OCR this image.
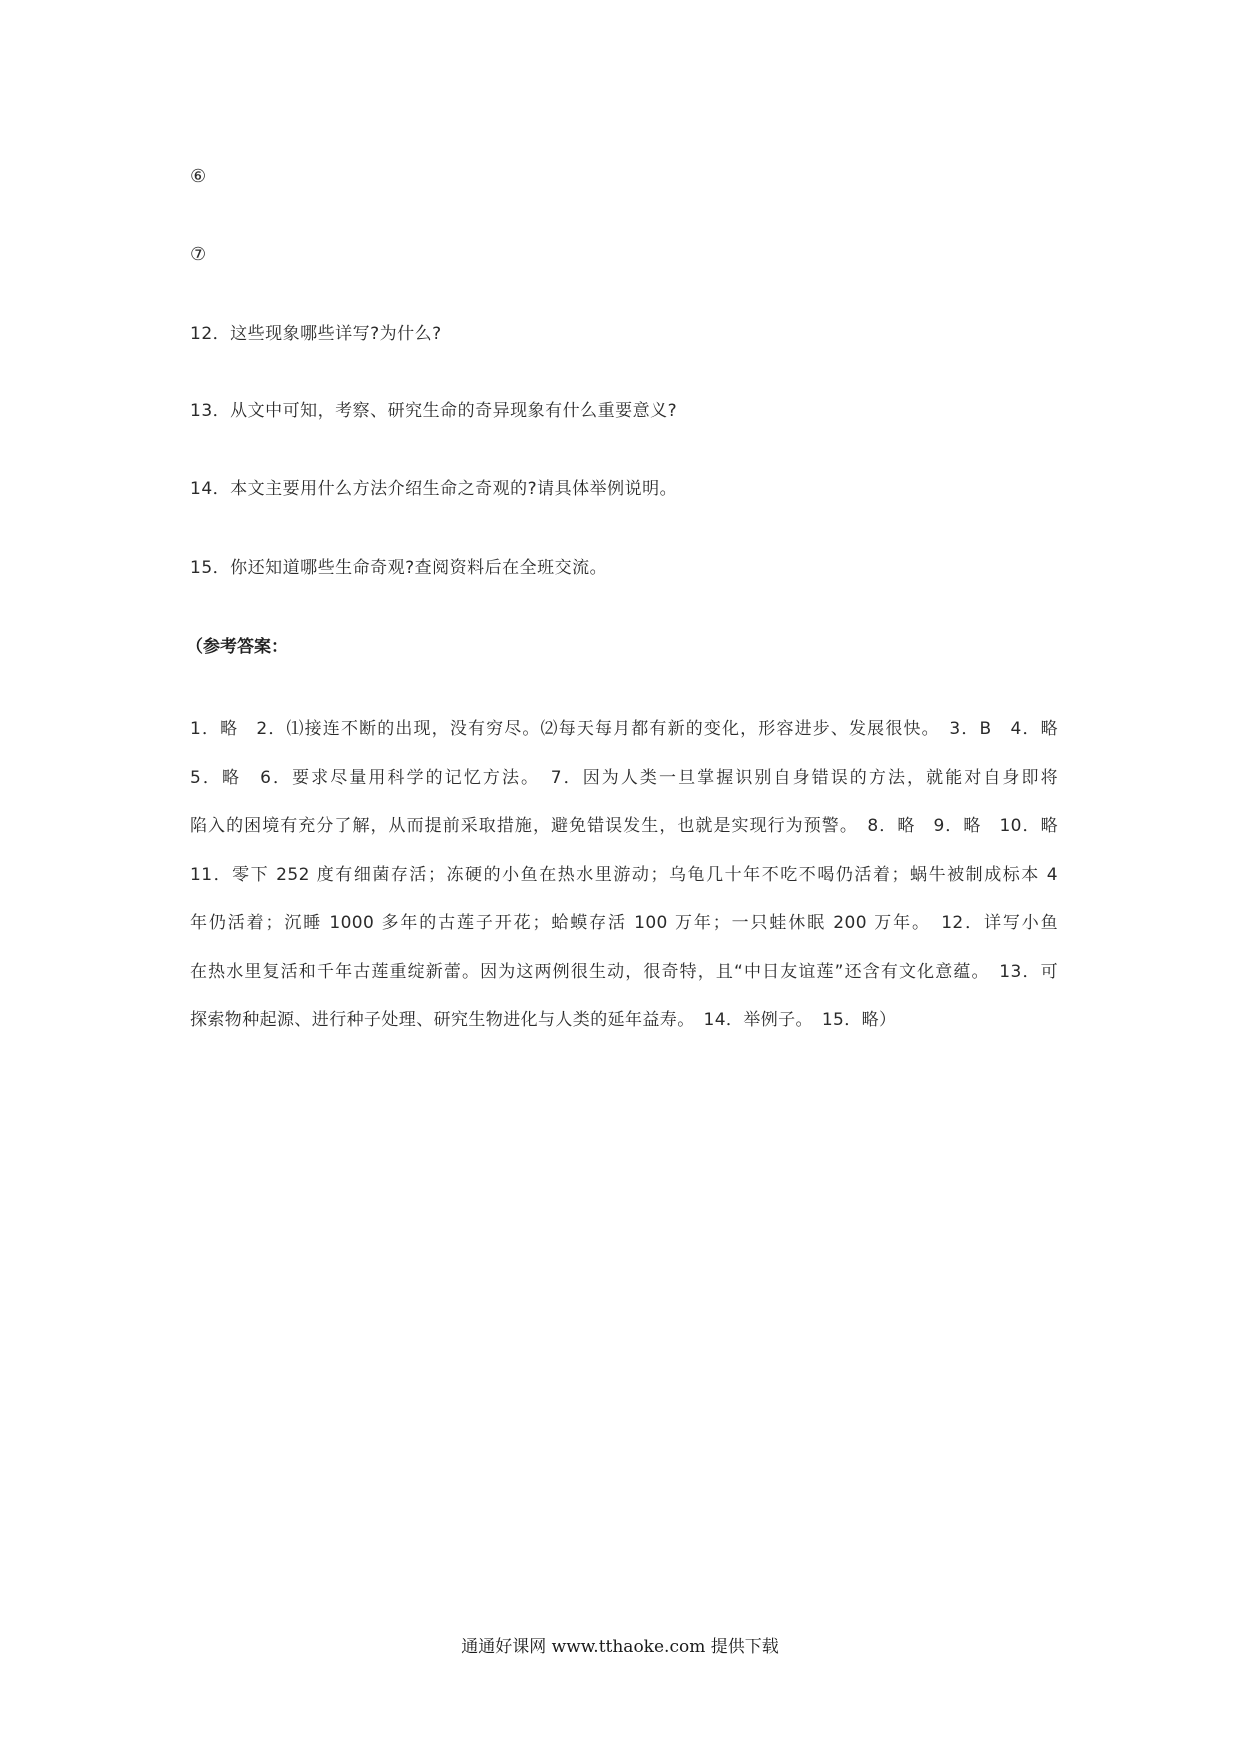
⑥
⑦
12．这些现象哪些详写?为什么?
13．从文中可知，考察、研究生命的奇异现象有什么重要意义?
14．本文主要用什么方法介绍生命之奇观的?请具体举例说明。
15．你还知道哪些生命奇观?查阅资料后在全班交流。
（参考答案：
1．略　2．⑴接连不断的出现，没有穷尽。⑵每天每月都有新的变化，形容进步、发展很快。　3．B　4．略
5．略　6．要求尽量用科学的记忆方法。　7．因为人类一旦掌握识别自身错误的方法，就能对自身即将
陷入的困境有充分了解，从而提前采取措施，避免错误发生，也就是实现行为预警。　8．略　9．略　10．略
11．零下 252 度有细菌存活；冻硬的小鱼在热水里游动；乌龟几十年不吃不喝仍活着；蜗牛被制成标本 4
年仍活着；沉睡 1000 多年的古莲子开花；蛤蟆存活 100 万年；一只蛙休眠 200 万年。　12．详写小鱼
在热水里复活和千年古莲重绽新蕾。因为这两例很生动，很奇特，且“中日友谊莲”还含有文化意蕴。　13．可
探索物种起源、进行种子处理、研究生物进化与人类的延年益寿。　14．举例子。　15．略）
通通好课网 www.tthaoke.com 提供下载
